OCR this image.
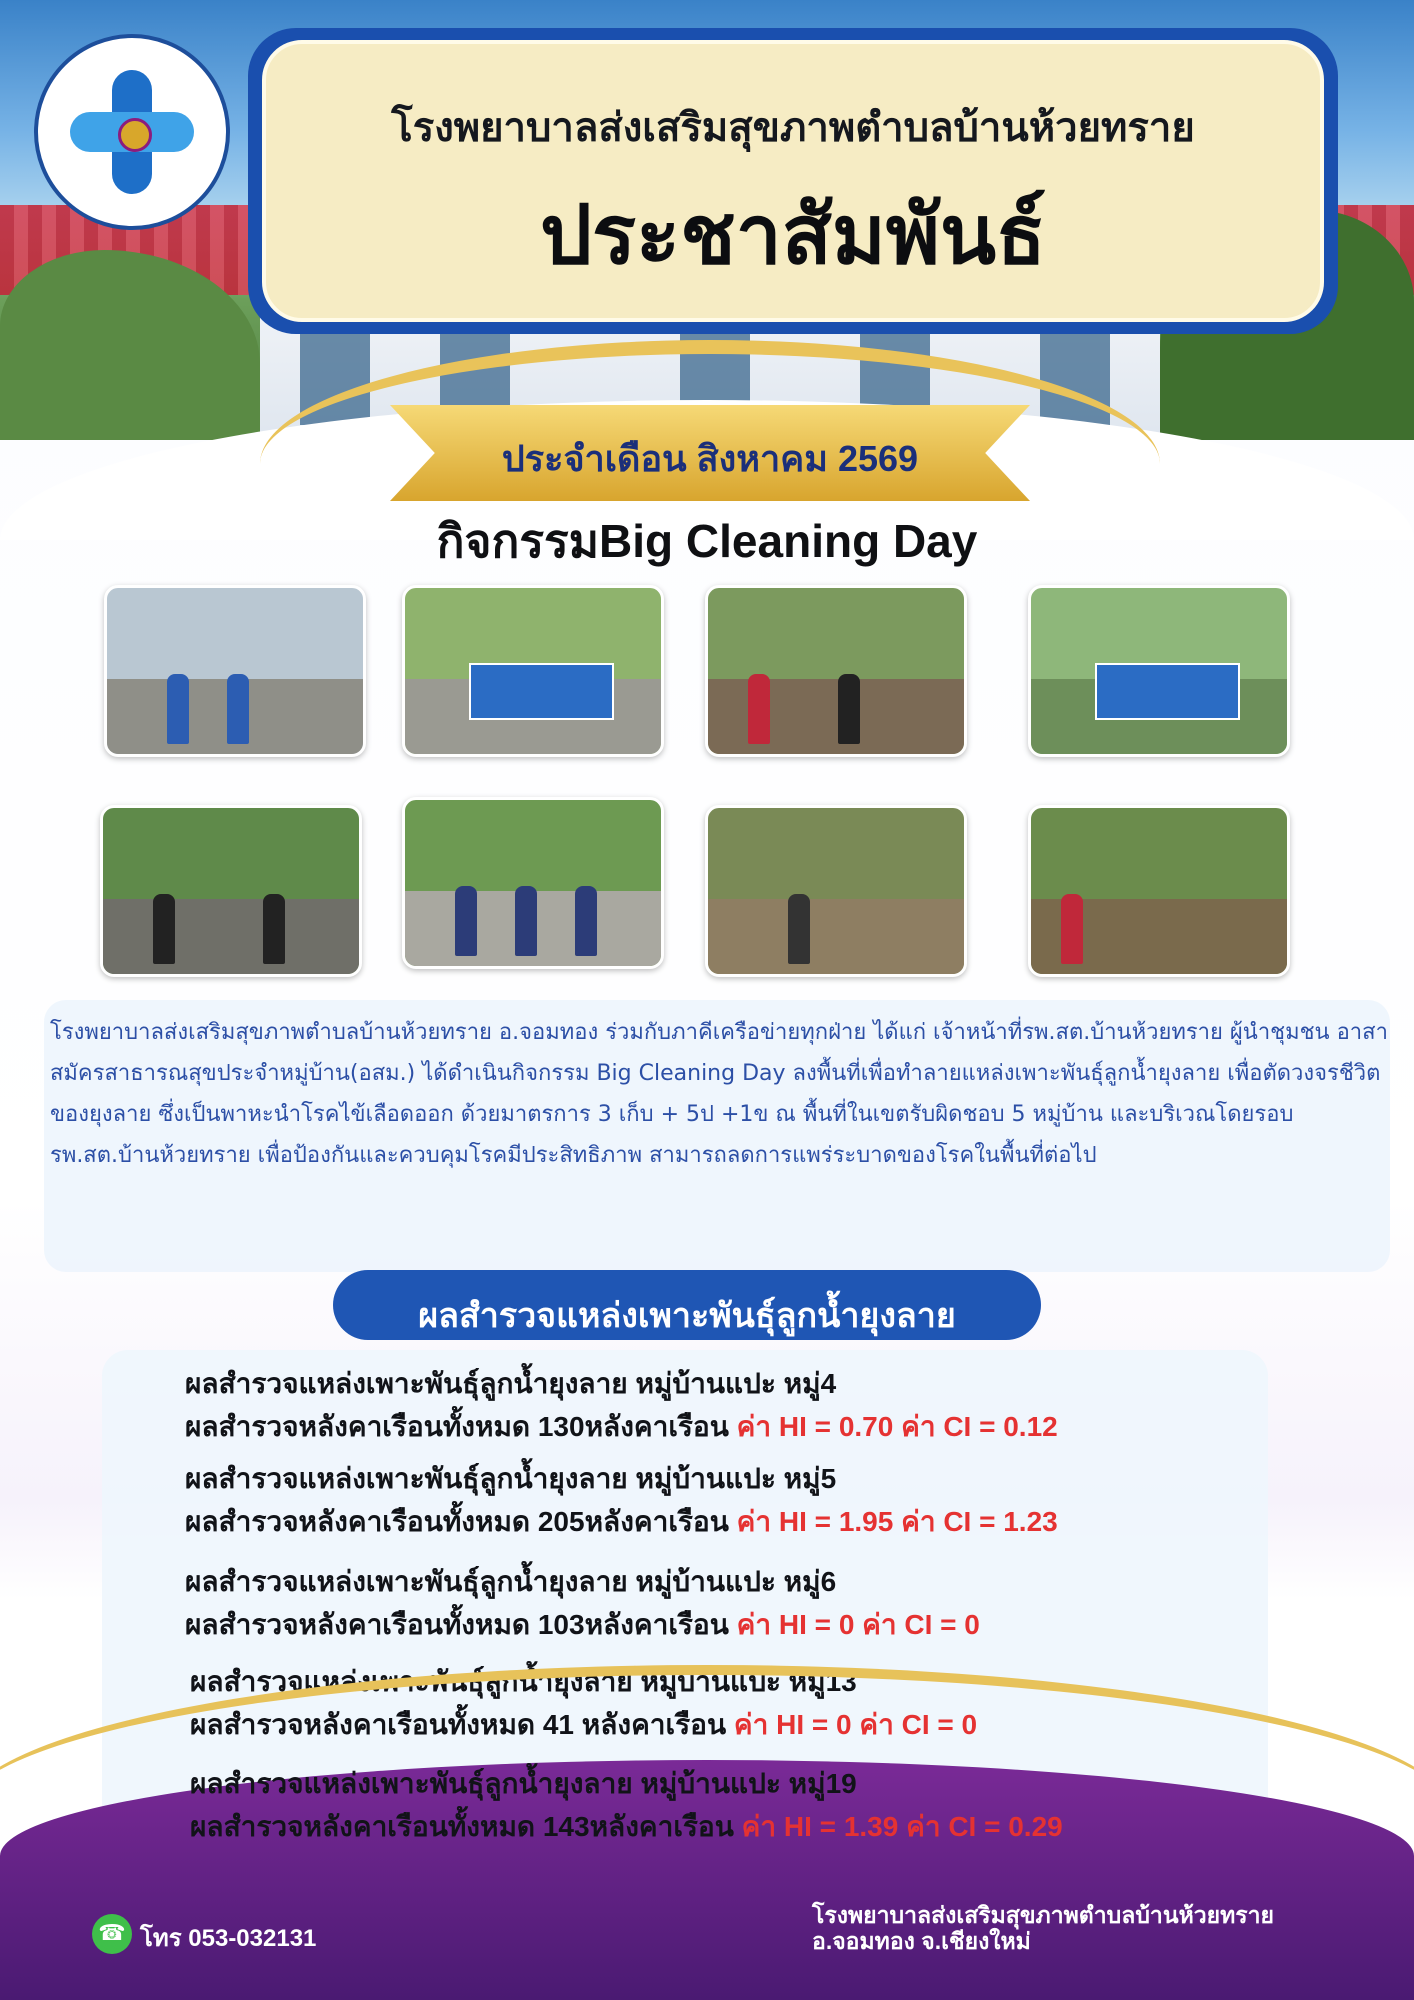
โรงพยาบาลส่งเสริมสุขภาพตำบลบ้านห้วยทราย
ประชาสัมพันธ์
ประจำเดือน สิงหาคม 2569
กิจกรรมBig Cleaning Day
โรงพยาบาลส่งเสริมสุขภาพตำบลบ้านห้วยทราย อ.จอมทอง ร่วมกับภาคีเครือข่ายทุกฝ่าย ได้แก่ เจ้าหน้าที่รพ.สต.บ้านห้วยทราย ผู้นำชุมชน อาสาสมัครสาธารณสุขประจำหมู่บ้าน(อสม.) ได้ดำเนินกิจกรรม Big Cleaning Day ลงพื้นที่เพื่อทำลายแหล่งเพาะพันธุ์ลูกน้ำยุงลาย เพื่อตัดวงจรชีวิตของยุงลาย ซึ่งเป็นพาหะนำโรคไข้เลือดออก ด้วยมาตรการ 3 เก็บ + 5ป +1ข ณ พื้นที่ในเขตรับผิดชอบ 5 หมู่บ้าน และบริเวณโดยรอบรพ.สต.บ้านห้วยทราย เพื่อป้องกันและควบคุมโรคมีประสิทธิภาพ สามารถลดการแพร่ระบาดของโรคในพื้นที่ต่อไป
ผลสำรวจแหล่งเพาะพันธุ์ลูกน้ำยุงลาย
ผลสำรวจแหล่งเพาะพันธุ์ลูกน้ำยุงลาย หมู่บ้านแปะ หมู่4
ผลสำรวจหลังคาเรือนทั้งหมด 130หลังคาเรือน ค่า HI = 0.70 ค่า CI = 0.12
ผลสำรวจแหล่งเพาะพันธุ์ลูกน้ำยุงลาย หมู่บ้านแปะ หมู่5
ผลสำรวจหลังคาเรือนทั้งหมด 205หลังคาเรือน ค่า HI = 1.95 ค่า CI = 1.23
ผลสำรวจแหล่งเพาะพันธุ์ลูกน้ำยุงลาย หมู่บ้านแปะ หมู่6
ผลสำรวจหลังคาเรือนทั้งหมด 103หลังคาเรือน ค่า HI = 0 ค่า CI = 0
ผลสำรวจแหล่งเพาะพันธุ์ลูกน้ำยุงลาย หมู่บ้านแปะ หมู่13
ผลสำรวจหลังคาเรือนทั้งหมด 41 หลังคาเรือน ค่า HI = 0 ค่า CI = 0
ผลสำรวจแหล่งเพาะพันธุ์ลูกน้ำยุงลาย หมู่บ้านแปะ หมู่19
ผลสำรวจหลังคาเรือนทั้งหมด 143หลังคาเรือน ค่า HI = 1.39 ค่า CI = 0.29
☎ โทร 053-032131
โรงพยาบาลส่งเสริมสุขภาพตำบลบ้านห้วยทราย
อ.จอมทอง จ.เชียงใหม่
